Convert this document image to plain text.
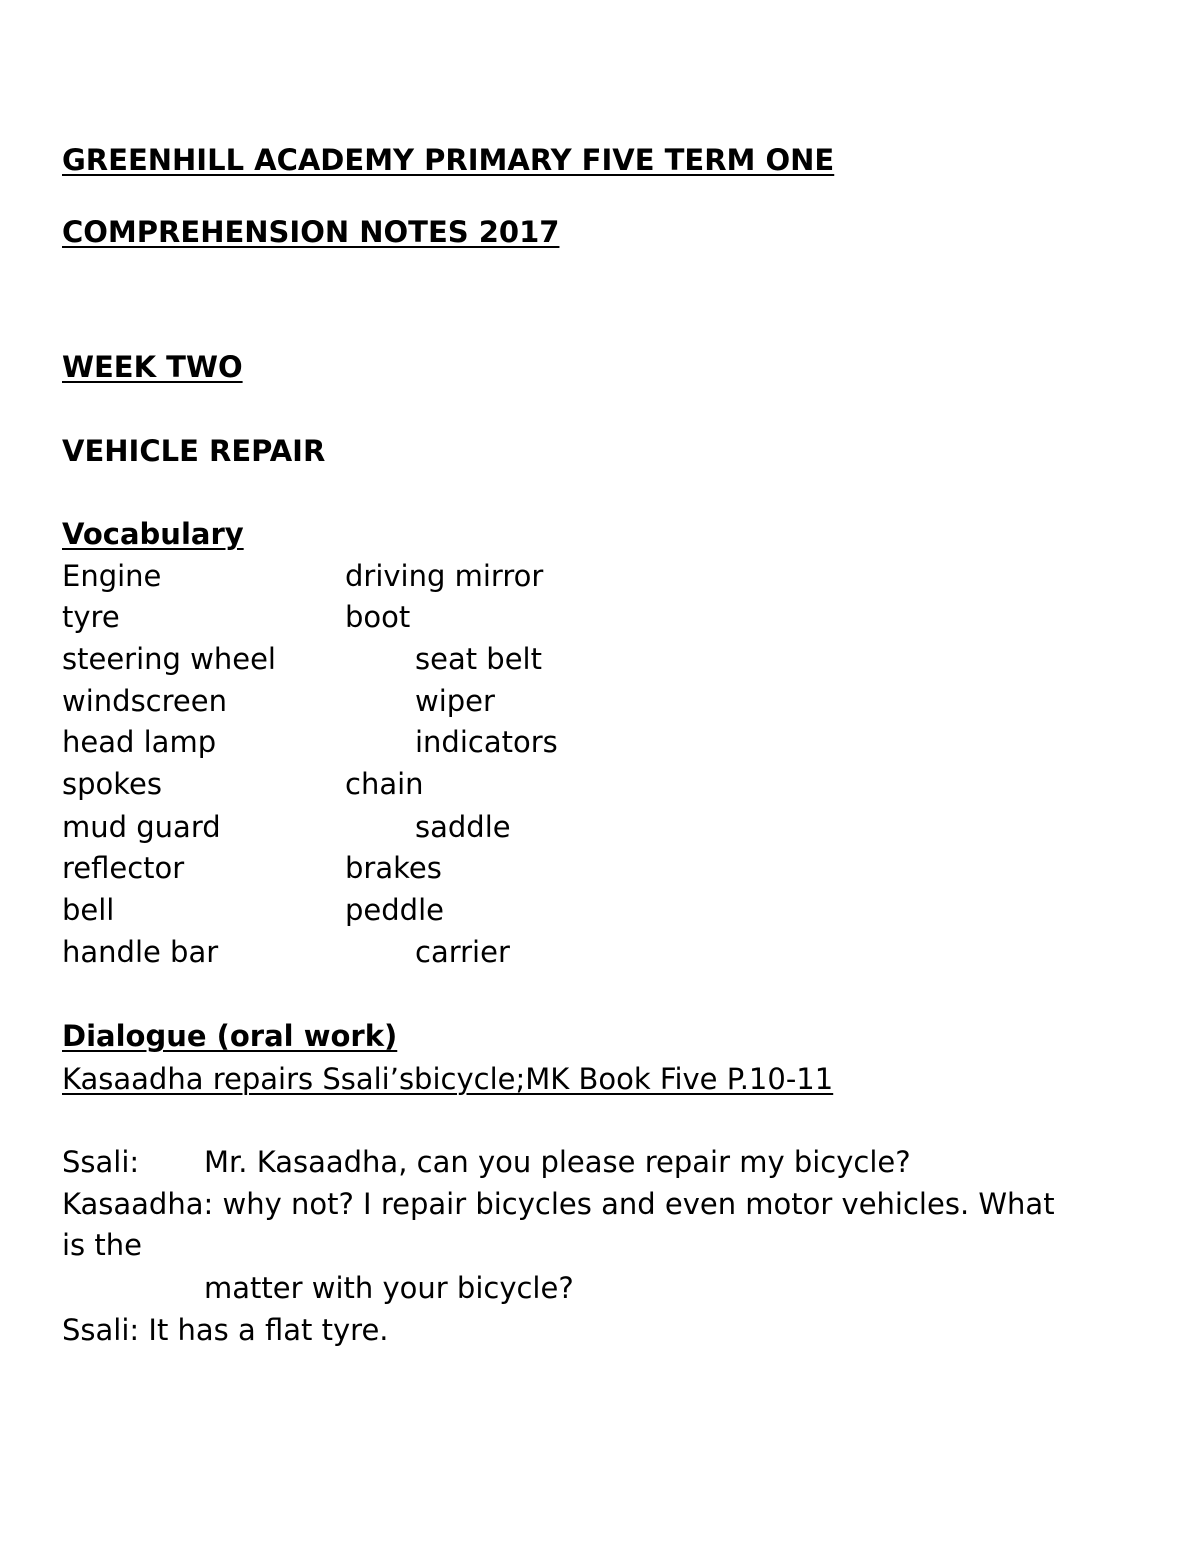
GREENHILL ACADEMY PRIMARY FIVE TERM ONE
COMPREHENSION NOTES 2017
WEEK TWO
VEHICLE REPAIR
Vocabulary
Engine	driving mirror
tyre	boot
steering wheel	seat belt
windscreen	wiper
head lamp	indicators
spokes	chain
mud guard	saddle
reflector	brakes
bell	peddle
handle bar	carrier
Dialogue (oral work)
Kasaadha repairs Ssali’sbicycle;MK Book Five P.10-11
Ssali: Mr. Kasaadha, can you please repair my bicycle?
Kasaadha: why not? I repair bicycles and even motor vehicles. What
is the
matter with your bicycle?
Ssali: It has a flat tyre.
